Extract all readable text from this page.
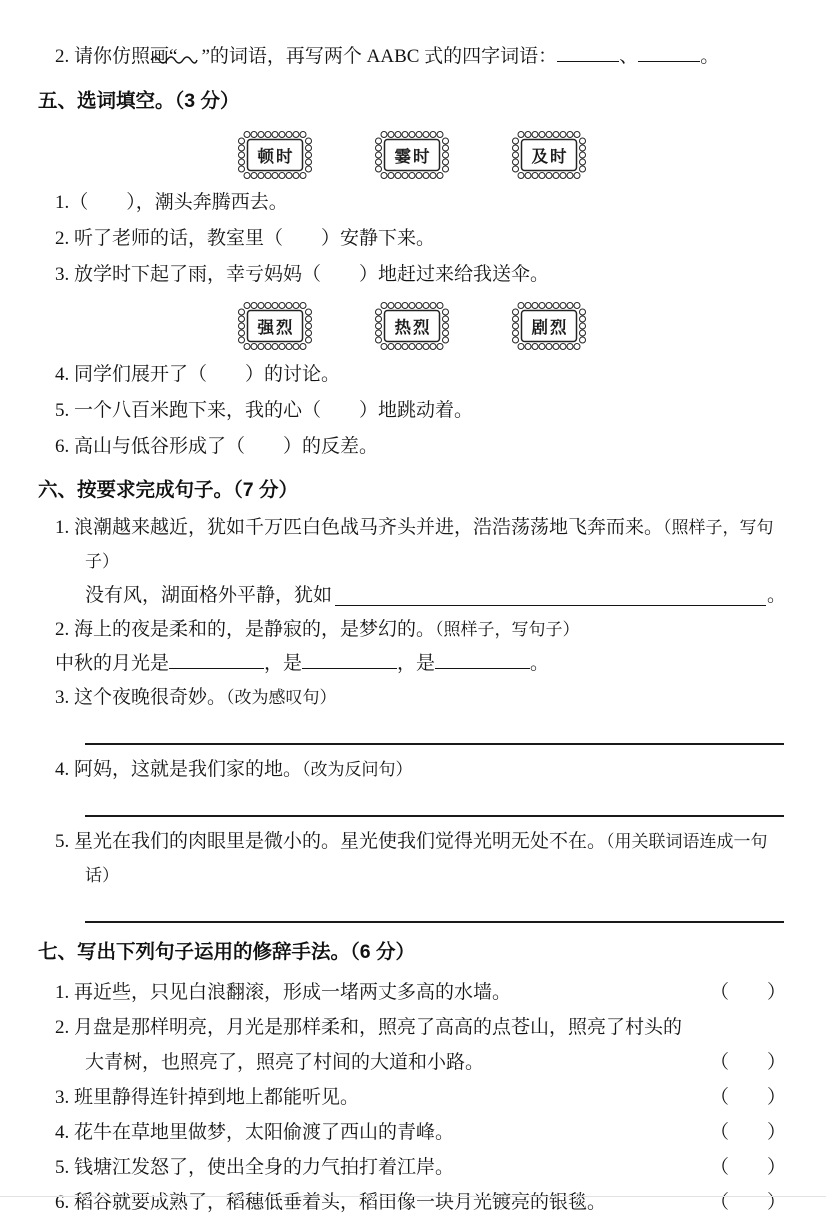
2. 请你仿照画“ ”的词语，再写两个 AABC 式的四字词语：	、	。
五、选词填空。（3 分）
顿时	霎时	及时
1.（　　），潮头奔腾西去。
2. 听了老师的话，教室里（　　）安静下来。
3. 放学时下起了雨，幸亏妈妈（　　）地赶过来给我送伞。
强烈	热烈	剧烈
4. 同学们展开了（　　）的讨论。
5. 一个八百米跑下来，我的心（　　）地跳动着。
6. 高山与低谷形成了（　　）的反差。
六、按要求完成句子。（7 分）
1. 浪潮越来越近，犹如千万匹白色战马齐头并进，浩浩荡荡地飞奔而来。（照样子，写句子）
没有风，湖面格外平静，犹如	。
2. 海上的夜是柔和的，是静寂的，是梦幻的。（照样子，写句子）
中秋的月光是	，是	，是	。
3. 这个夜晚很奇妙。（改为感叹句）
4. 阿妈，这就是我们家的地。（改为反问句）
5. 星光在我们的肉眼里是微小的。星光使我们觉得光明无处不在。（用关联词语连成一句话）
七、写出下列句子运用的修辞手法。（6 分）
1. 再近些，只见白浪翻滚，形成一堵两丈多高的水墙。	（　　）
2. 月盘是那样明亮，月光是那样柔和，照亮了高高的点苍山，照亮了村头的大青树，也照亮了，照亮了村间的大道和小路。	（　　）
3. 班里静得连针掉到地上都能听见。	（　　）
4. 花牛在草地里做梦，太阳偷渡了西山的青峰。	（　　）
5. 钱塘江发怒了，使出全身的力气拍打着江岸。	（　　）
6. 稻谷就要成熟了，稻穗低垂着头，稻田像一块月光镀亮的银毯。	（　　）
